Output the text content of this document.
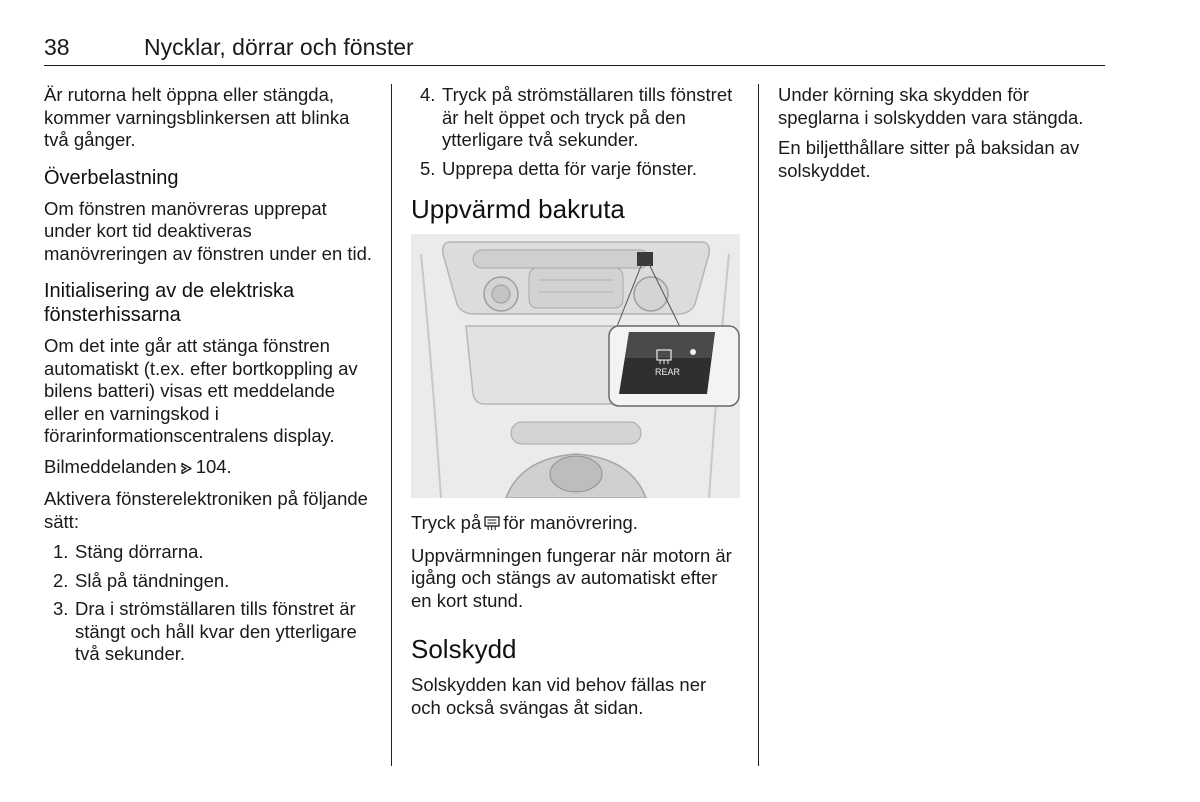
38	Nycklar, dörrar och fönster

Är rutorna helt öppna eller stängda, kommer varningsblinkersen att blinka två gånger.

Överbelastning

Om fönstren manövreras upprepat under kort tid deaktiveras manövreringen av fönstren under en tid.

Initialisering av de elektriska fönsterhissarna

Om det inte går att stänga fönstren automatiskt (t.ex. efter bortkoppling av bilens batteri) visas ett meddelande eller en varningskod i förarinformationscentralens display.

Bilmeddelanden 104.

Aktivera fönsterelektroniken på följande sätt:

1. Stäng dörrarna.
2. Slå på tändningen.
3. Dra i strömställaren tills fönstret är stängt och håll kvar den ytterligare två sekunder.
4. Tryck på strömställaren tills fönstret är helt öppet och tryck på den ytterligare två sekunder.
5. Upprepa detta för varje fönster.
Uppvärmd bakruta
REAR

Tryck på för manövrering.

Uppvärmningen fungerar när motorn är igång och stängs av automatiskt efter en kort stund.

Solskydd

Solskydden kan vid behov fällas ner och också svängas åt sidan.

Under körning ska skydden för speglarna i solskydden vara stängda.

En biljetthållare sitter på baksidan av solskyddet.
